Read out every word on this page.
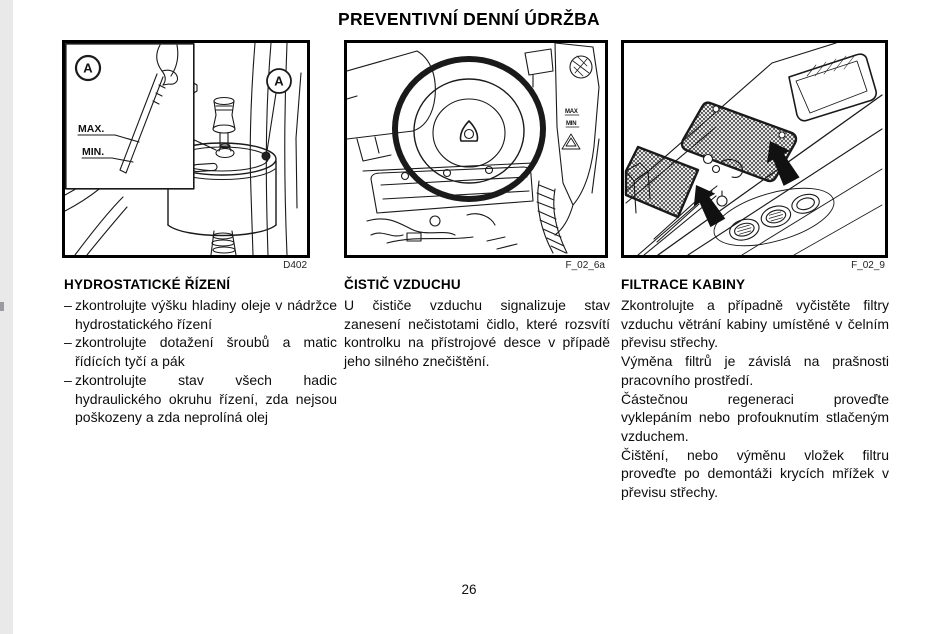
PREVENTIVNÍ DENNÍ ÚDRŽBA
A
A
MAX.
MIN.
MAX
MIN
D402	F_02_6a	F_02_9
HYDROSTATICKÉ ŘÍZENÍ
– zkontrolujte výšku hladiny oleje v nádržce hydrostatického řízení
– zkontrolujte dotažení šroubů a matic řídících tyčí a pák
– zkontrolujte stav všech hadic hydraulického okruhu řízení, zda nejsou poškozeny a zda neprolíná olej
ČISTIČ VZDUCHU

U čističe vzduchu signalizuje stav zanesení nečistotami čidlo, které rozsvítí kontrolku na přístrojové desce v případě jeho silného znečištění.

FILTRACE KABINY

Zkontrolujte a případně vyčistěte filtry vzduchu větrání kabiny umístěné v čelním převisu střechy.

Výměna filtrů je závislá na prašnosti pracovního prostředí.

Částečnou regeneraci proveďte vyklepáním nebo profouknutím stlačeným vzduchem.

Čištění, nebo výměnu vložek filtru proveďte po demontáži krycích mřížek v převisu střechy.

26
